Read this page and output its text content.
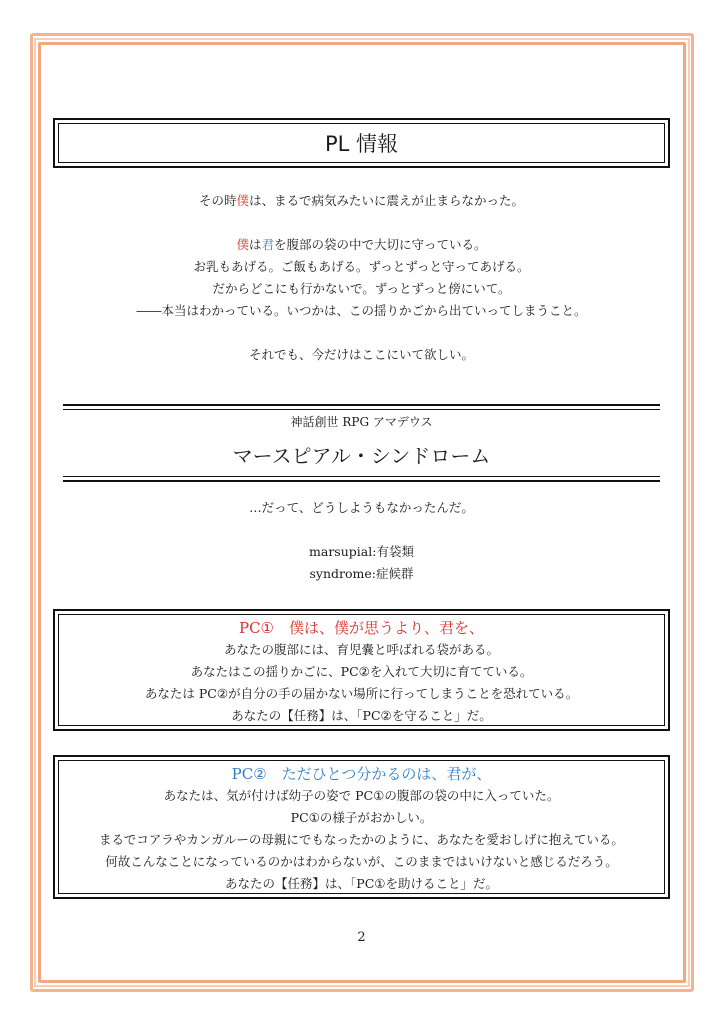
PL 情報
その時僕は、まるで病気みたいに震えが止まらなかった。
僕は君を腹部の袋の中で大切に守っている。
お乳もあげる。ご飯もあげる。ずっとずっと守ってあげる。
だからどこにも行かないで。ずっとずっと傍にいて。
――本当はわかっている。いつかは、この揺りかごから出ていってしまうこと。
それでも、今だけはここにいて欲しい。
神話創世 RPG アマデウス
マースピアル・シンドローム
…だって、どうしようもなかったんだ。
marsupial:有袋類
syndrome:症候群
PC①　僕は、僕が思うより、君を、
あなたの腹部には、育児嚢と呼ばれる袋がある。
あなたはこの揺りかごに、PC②を入れて大切に育てている。
あなたは PC②が自分の手の届かない場所に行ってしまうことを恐れている。
あなたの【任務】は、「PC②を守ること」だ。
PC②　ただひとつ分かるのは、君が、
あなたは、気が付けば幼子の姿で PC①の腹部の袋の中に入っていた。
PC①の様子がおかしい。
まるでコアラやカンガルーの母親にでもなったかのように、あなたを愛おしげに抱えている。
何故こんなことになっているのかはわからないが、このままではいけないと感じるだろう。
あなたの【任務】は、「PC①を助けること」だ。
2
